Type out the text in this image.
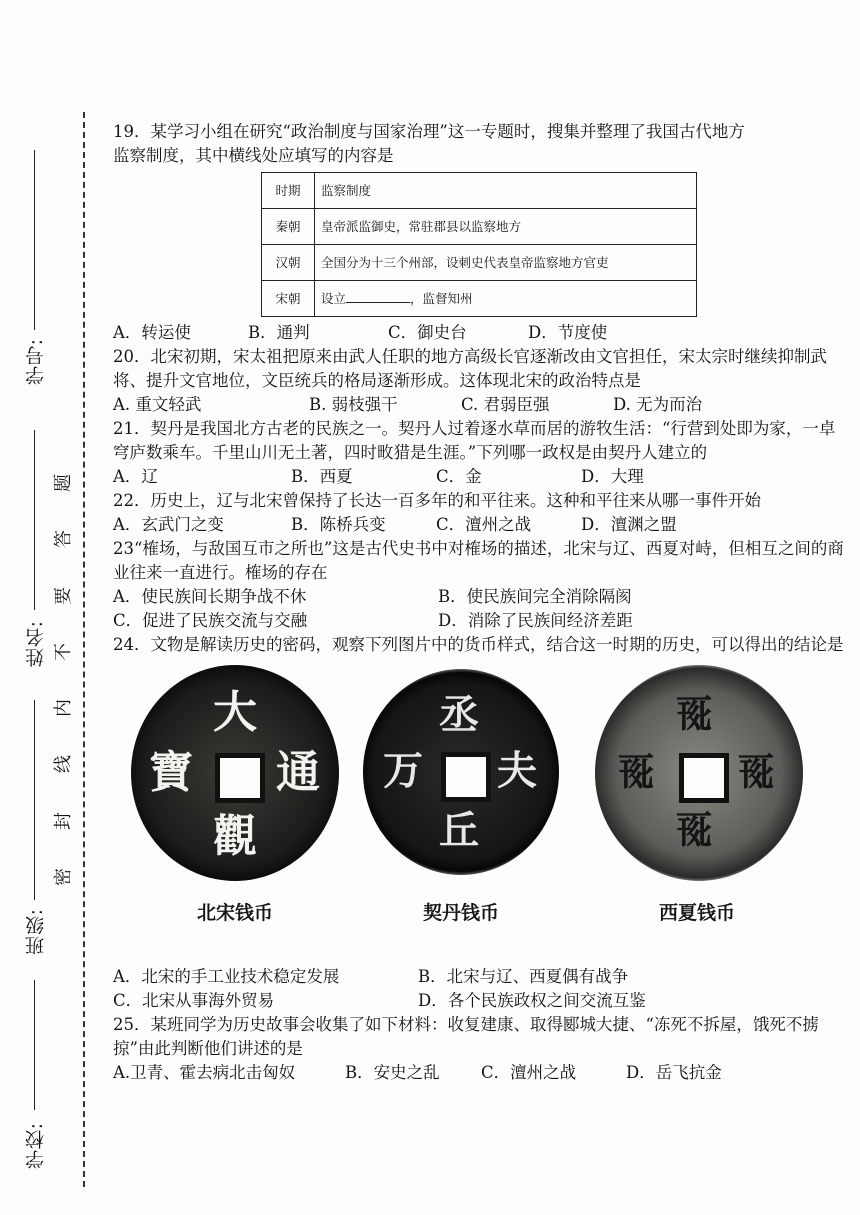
学号:
姓名:
班级:
学校:
密
封
线
内
不
要
答
题
19．某学习小组在研究“政治制度与国家治理”这一专题时，搜集并整理了我国古代地方
监察制度，其中横线处应填写的内容是
时期	监察制度
秦朝	皇帝派监御史，常驻郡县以监察地方
汉朝	全国分为十三个州部，设刺史代表皇帝监察地方官吏
宋朝	设立 ，监督知州
A．转运使	B．通判	C．御史台	D．节度使
20．北宋初期，宋太祖把原来由武人任职的地方高级长官逐渐改由文官担任，宋太宗时继续抑制武将、提升文官地位，文臣统兵的格局逐渐形成。这体现北宋的政治特点是
A. 重文轻武	B. 弱枝强干	C. 君弱臣强	D. 无为而治
21．契丹是我国北方古老的民族之一。契丹人过着逐水草而居的游牧生活：“行营到处即为家，一卓穹庐数乘车。千里山川无土著，四时畋猎是生涯。”下列哪一政权是由契丹人建立的
A．辽	B．西夏	C．金	D．大理
22．历史上，辽与北宋曾保持了长达一百多年的和平往来。这种和平往来从哪一事件开始
A．玄武门之变	B．陈桥兵变	C．澶州之战	D．澶渊之盟
23“榷场，与敌国互市之所也”这是古代史书中对榷场的描述，北宋与辽、西夏对峙，但相互之间的商业往来一直进行。榷场的存在
A．使民族间长期争战不休	B．使民族间完全消除隔阂
C．促进了民族交流与交融	D．消除了民族间经济差距
24．文物是解读历史的密码，观察下列图片中的货币样式，结合这一时期的历史，可以得出的结论是
大
觀
通
寶
北宋钱币
丞
丘
夫
万
契丹钱币
𗀔
𗀔
𗀔
𗀔
西夏钱币
A．北宋的手工业技术稳定发展	B．北宋与辽、西夏偶有战争
C．北宋从事海外贸易	D．各个民族政权之间交流互鉴
25．某班同学为历史故事会收集了如下材料：收复建康、取得郾城大捷、“冻死不拆屋，饿死不掳掠”由此判断他们讲述的是
A.卫青、霍去病北击匈奴	B．安史之乱	C．澶州之战	D．岳飞抗金
